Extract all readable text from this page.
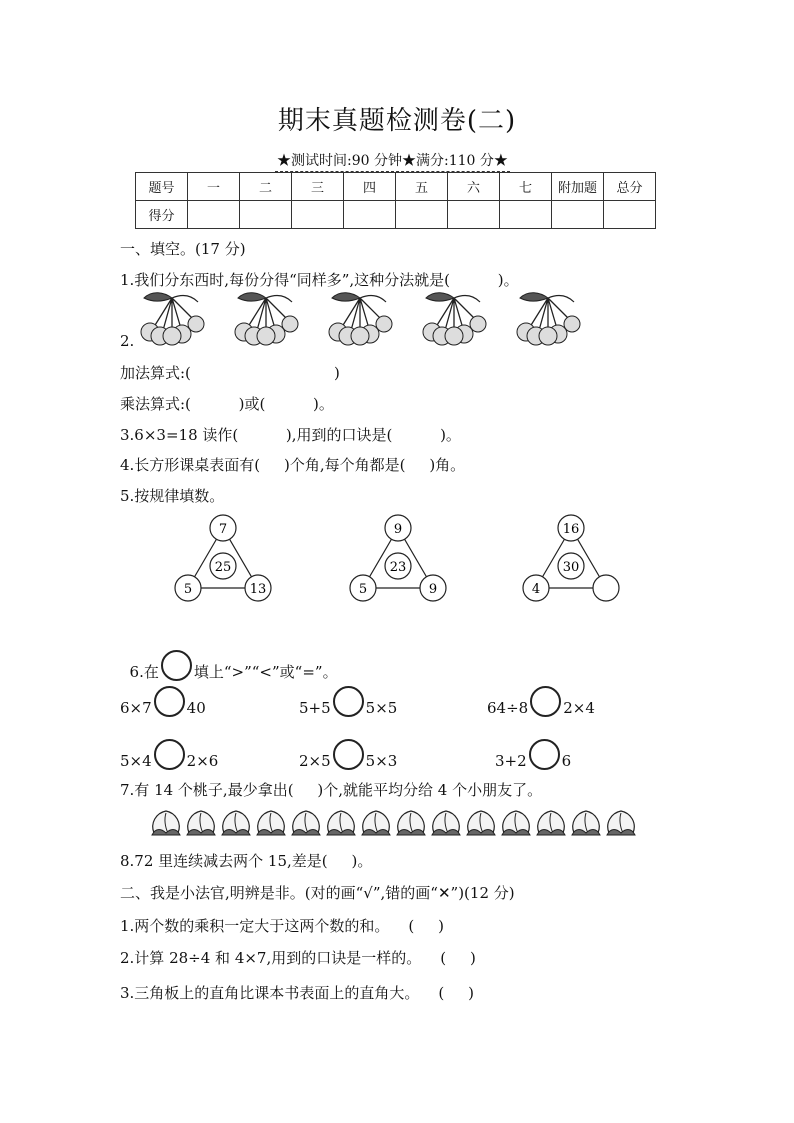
期末真题检测卷(二)
★测试时间:90 分钟★满分:110 分★
题号	一	二	三	四	五	六	七	附加题	总分
得分									
一、填空。(17 分)
1.我们分东西时,每份分得“同样多”,这种分法就是(          )。
2.
加法算式:(                              )
乘法算式:(          )或(          )。
3.6×3=18 读作(          ),用到的口诀是(          )。
4.长方形课桌表面有(     )个角,每个角都是(     )角。
5.按规律填数。
7
25
5	13
9
23
5	9
16
30
4

6.在 填上“>”“<”或“=”。

6×7 40	5+5 5×5	64÷8 2×4
5×4 2×6	2×5 5×3	3+2 6
7.有 14 个桃子,最少拿出(     )个,就能平均分给 4 个小朋友了。
8.72 里连续减去两个 15,差是(     )。
二、我是小法官,明辨是非。(对的画“√”,错的画“✕”)(12 分)
1.两个数的乘积一定大于这两个数的和。    (     )
2.计算 28÷4 和 4×7,用到的口诀是一样的。    (     )
3.三角板上的直角比课本书表面上的直角大。    (     )
